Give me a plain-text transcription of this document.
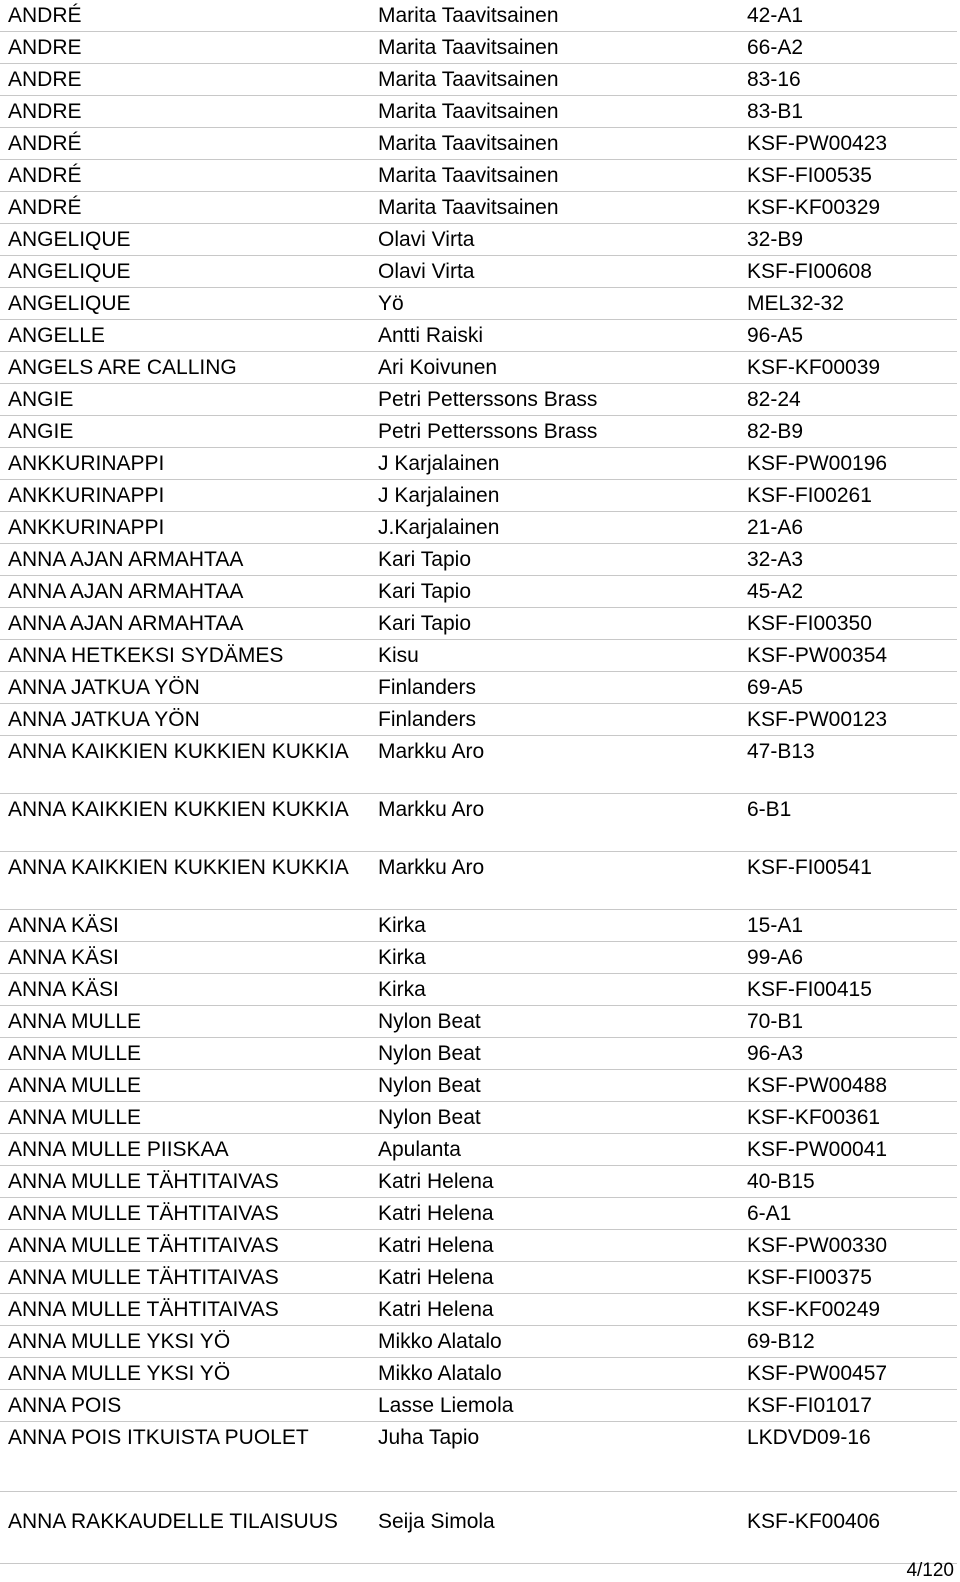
ANDRÉ	Marita Taavitsainen	42-A1
ANDRE	Marita Taavitsainen	66-A2
ANDRE	Marita Taavitsainen	83-16
ANDRE	Marita Taavitsainen	83-B1
ANDRÉ	Marita Taavitsainen	KSF-PW00423
ANDRÉ	Marita Taavitsainen	KSF-FI00535
ANDRÉ	Marita Taavitsainen	KSF-KF00329
ANGELIQUE	Olavi Virta	32-B9
ANGELIQUE	Olavi Virta	KSF-FI00608
ANGELIQUE	Yö	MEL32-32
ANGELLE	Antti Raiski	96-A5
ANGELS ARE CALLING	Ari Koivunen	KSF-KF00039
ANGIE	Petri Petterssons Brass	82-24
ANGIE	Petri Petterssons Brass	82-B9
ANKKURINAPPI	J Karjalainen	KSF-PW00196
ANKKURINAPPI	J Karjalainen	KSF-FI00261
ANKKURINAPPI	J.Karjalainen	21-A6
ANNA AJAN ARMAHTAA	Kari Tapio	32-A3
ANNA AJAN ARMAHTAA	Kari Tapio	45-A2
ANNA AJAN ARMAHTAA	Kari Tapio	KSF-FI00350
ANNA HETKEKSI SYDÄMES	Kisu	KSF-PW00354
ANNA JATKUA YÖN	Finlanders	69-A5
ANNA JATKUA YÖN	Finlanders	KSF-PW00123
ANNA KAIKKIEN KUKKIEN KUKKIA	Markku Aro	47-B13
ANNA KAIKKIEN KUKKIEN KUKKIA	Markku Aro	6-B1
ANNA KAIKKIEN KUKKIEN KUKKIA	Markku Aro	KSF-FI00541
ANNA KÄSI	Kirka	15-A1
ANNA KÄSI	Kirka	99-A6
ANNA KÄSI	Kirka	KSF-FI00415
ANNA MULLE	Nylon Beat	70-B1
ANNA MULLE	Nylon Beat	96-A3
ANNA MULLE	Nylon Beat	KSF-PW00488
ANNA MULLE	Nylon Beat	KSF-KF00361
ANNA MULLE PIISKAA	Apulanta	KSF-PW00041
ANNA MULLE TÄHTITAIVAS	Katri Helena	40-B15
ANNA MULLE TÄHTITAIVAS	Katri Helena	6-A1
ANNA MULLE TÄHTITAIVAS	Katri Helena	KSF-PW00330
ANNA MULLE TÄHTITAIVAS	Katri Helena	KSF-FI00375
ANNA MULLE TÄHTITAIVAS	Katri Helena	KSF-KF00249
ANNA MULLE YKSI YÖ	Mikko Alatalo	69-B12
ANNA MULLE YKSI YÖ	Mikko Alatalo	KSF-PW00457
ANNA POIS	Lasse Liemola	KSF-FI01017
ANNA POIS ITKUISTA PUOLET	Juha Tapio	LKDVD09-16
ANNA RAKKAUDELLE TILAISUUS	Seija Simola	KSF-KF00406
4/120
